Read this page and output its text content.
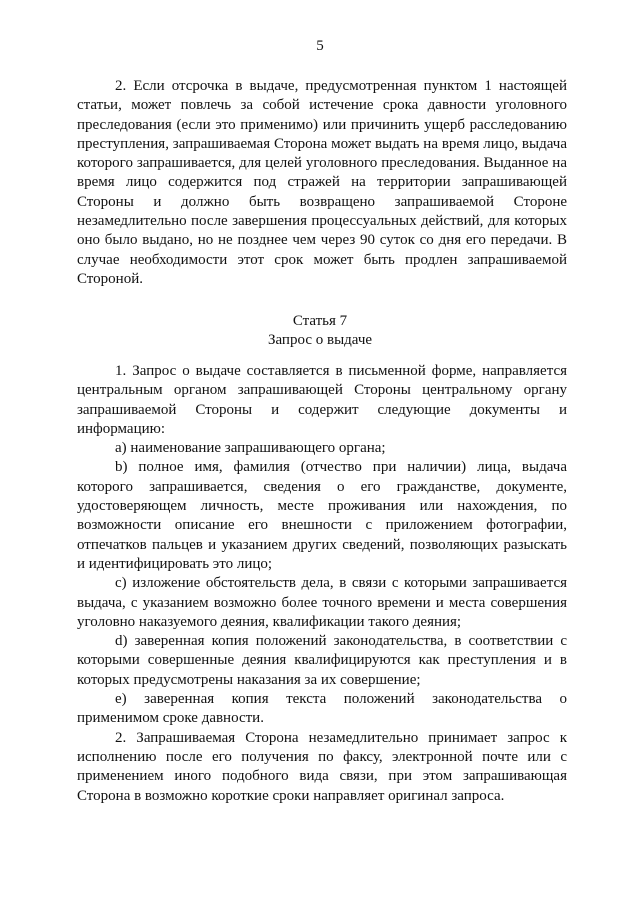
5

2. Если отсрочка в выдаче, предусмотренная пунктом 1 настоящей статьи, может повлечь за собой истечение срока давности уголовного преследования (если это применимо) или причинить ущерб расследованию преступления, запрашиваемая Сторона может выдать на время лицо, выдача которого запрашивается, для целей уголовного преследования. Выданное на время лицо содержится под стражей на территории запрашивающей Стороны и должно быть возвращено запрашиваемой Стороне незамедлительно после завершения процессуальных действий, для которых оно было выдано, но не позднее чем через 90 суток со дня его передачи. В случае необходимости этот срок может быть продлен запрашиваемой Стороной.

Статья 7
Запрос о выдаче

1. Запрос о выдаче составляется в письменной форме, направляется центральным органом запрашивающей Стороны центральному органу запрашиваемой Стороны и содержит следующие документы и информацию:

a) наименование запрашивающего органа;

b) полное имя, фамилия (отчество при наличии) лица, выдача которого запрашивается, сведения о его гражданстве, документе, удостоверяющем личность, месте проживания или нахождения, по возможности описание его внешности с приложением фотографии, отпечатков пальцев и указанием других сведений, позволяющих разыскать и идентифицировать это лицо;

c) изложение обстоятельств дела, в связи с которыми запрашивается выдача, с указанием возможно более точного времени и места совершения уголовно наказуемого деяния, квалификации такого деяния;

d) заверенная копия положений законодательства, в соответствии с которыми совершенные деяния квалифицируются как преступления и в которых предусмотрены наказания за их совершение;

e) заверенная копия текста положений законодательства о применимом сроке давности.

2. Запрашиваемая Сторона незамедлительно принимает запрос к исполнению после его получения по факсу, электронной почте или с применением иного подобного вида связи, при этом запрашивающая Сторона в возможно короткие сроки направляет оригинал запроса.
